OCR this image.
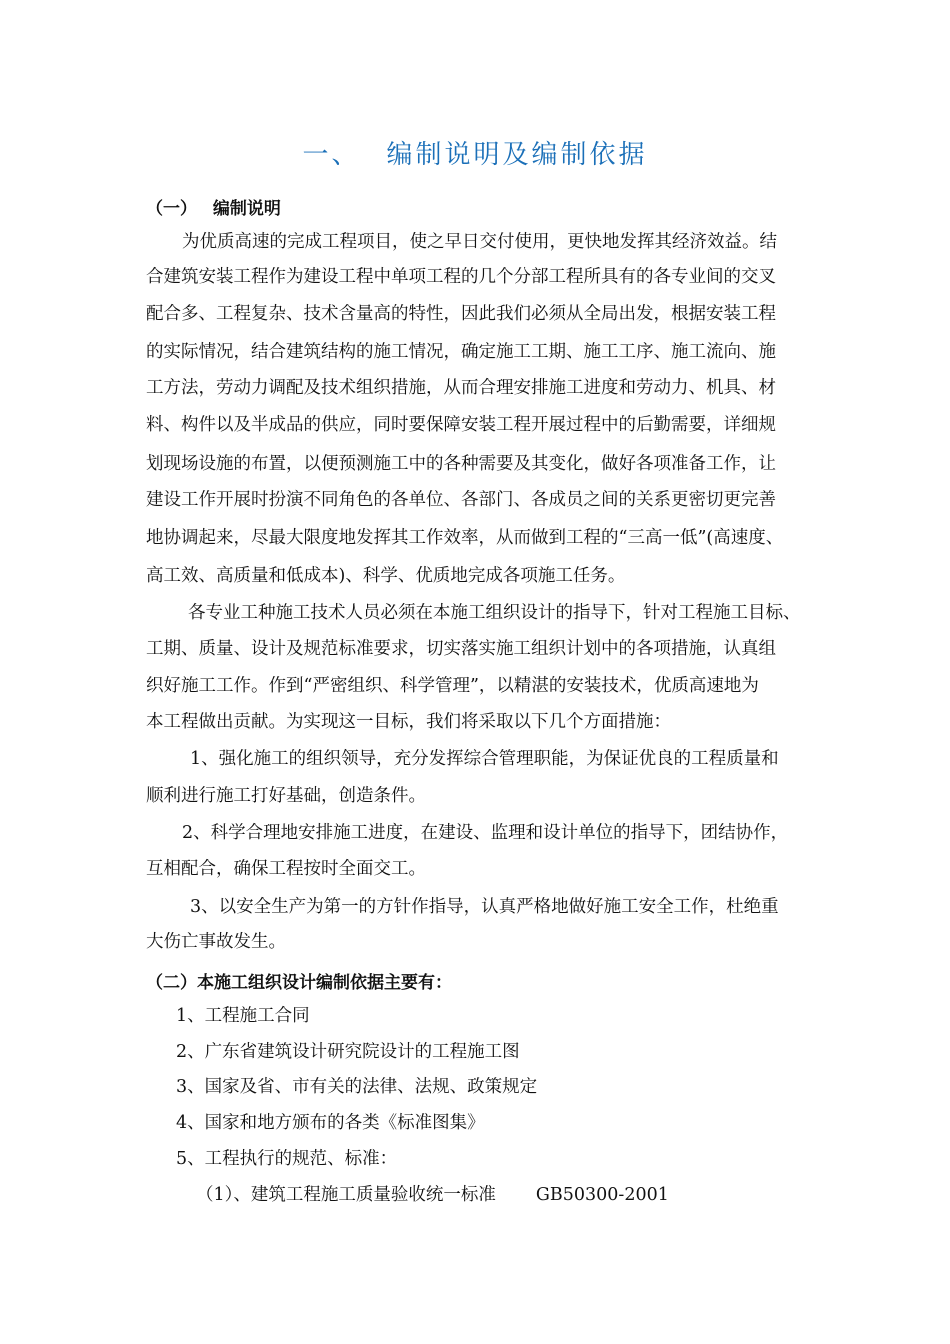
一、 编制说明及编制依据
（一） 编制说明
为优质高速的完成工程项目，使之早日交付使用，更快地发挥其经济效益。结
合建筑安装工程作为建设工程中单项工程的几个分部工程所具有的各专业间的交叉
配合多、工程复杂、技术含量高的特性，因此我们必须从全局出发，根据安装工程
的实际情况，结合建筑结构的施工情况，确定施工工期、施工工序、施工流向、施
工方法，劳动力调配及技术组织措施，从而合理安排施工进度和劳动力、机具、材
料、构件以及半成品的供应，同时要保障安装工程开展过程中的后勤需要，详细规
划现场设施的布置，以便预测施工中的各种需要及其变化，做好各项准备工作，让
建设工作开展时扮演不同角色的各单位、各部门、各成员之间的关系更密切更完善
地协调起来，尽最大限度地发挥其工作效率，从而做到工程的“三高一低”(高速度、
高工效、高质量和低成本)、科学、优质地完成各项施工任务。
各专业工种施工技术人员必须在本施工组织设计的指导下，针对工程施工目标、
工期、质量、设计及规范标准要求，切实落实施工组织计划中的各项措施，认真组
织好施工工作。作到“严密组织、科学管理”，以精湛的安装技术，优质高速地为
本工程做出贡献。为实现这一目标，我们将采取以下几个方面措施：
1、强化施工的组织领导，充分发挥综合管理职能，为保证优良的工程质量和
顺利进行施工打好基础，创造条件。
2、科学合理地安排施工进度，在建设、监理和设计单位的指导下，团结协作，
互相配合，确保工程按时全面交工。
3、以安全生产为第一的方针作指导，认真严格地做好施工安全工作，杜绝重
大伤亡事故发生。
（二）本施工组织设计编制依据主要有：
1、工程施工合同
2、广东省建筑设计研究院设计的工程施工图
3、国家及省、市有关的法律、法规、政策规定
4、国家和地方颁布的各类《标准图集》
5、工程执行的规范、标准：
（1）、建筑工程施工质量验收统一标准 GB50300-2001
